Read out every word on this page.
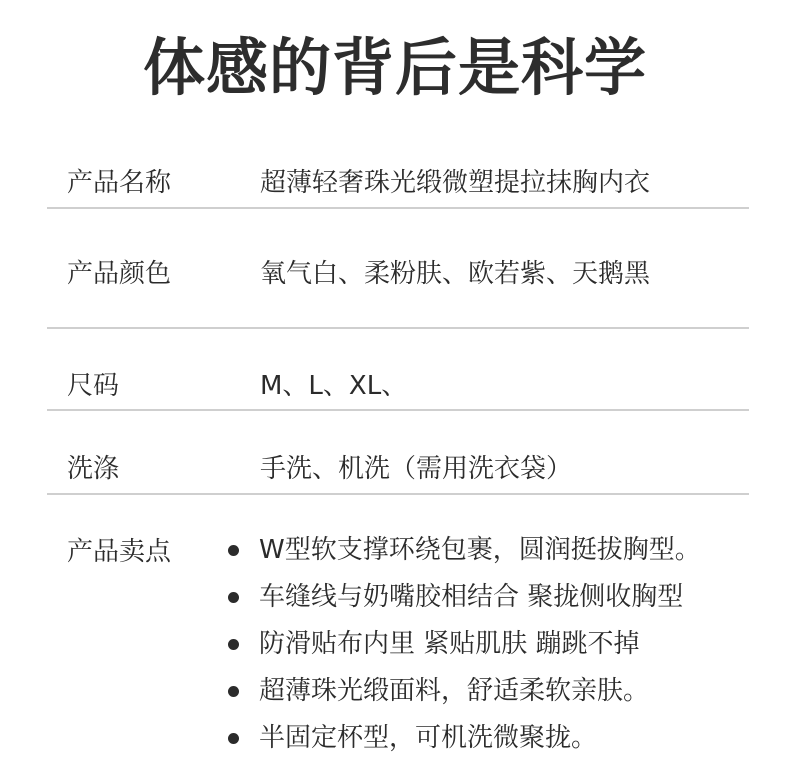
体感的背后是科学
产品名称	超薄轻奢珠光缎微塑提拉抹胸内衣
产品颜色	氧气白、柔粉肤、欧若紫、天鹅黑
尺码	M、L、XL、
洗涤	手洗、机洗（需用洗衣袋）
产品卖点	W型软支撑环绕包裹，圆润挺拔胸型。
车缝线与奶嘴胶相结合 聚拢侧收胸型
防滑贴布内里 紧贴肌肤 蹦跳不掉
超薄珠光缎面料，舒适柔软亲肤。
半固定杯型，可机洗微聚拢。
